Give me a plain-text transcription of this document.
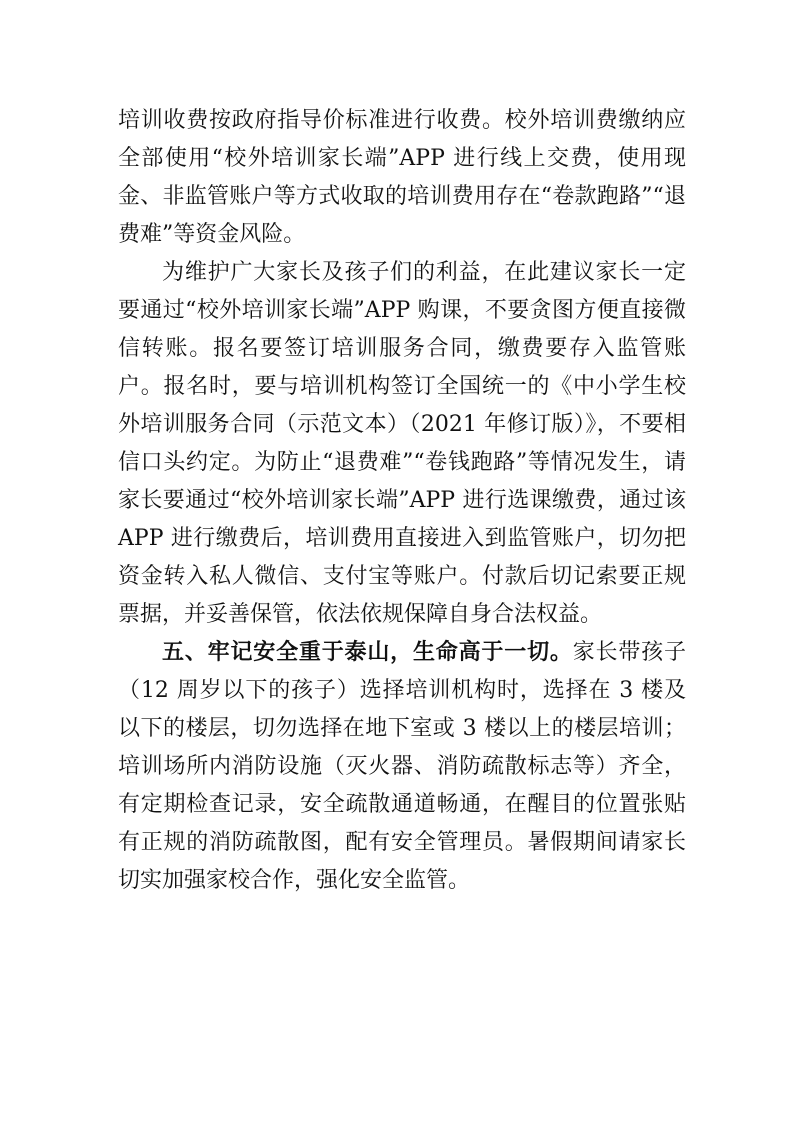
培训收费按政府指导价标准进行收费。校外培训费缴纳应全部使用“校外培训家长端”APP 进行线上交费，使用现金、非监管账户等方式收取的培训费用存在“卷款跑路”“退费难”等资金风险。

为维护广大家长及孩子们的利益，在此建议家长一定要通过“校外培训家长端”APP 购课，不要贪图方便直接微信转账。报名要签订培训服务合同，缴费要存入监管账户。报名时，要与培训机构签订全国统一的《中小学生校外培训服务合同（示范文本）（2021 年修订版）》，不要相信口头约定。为防止“退费难”“卷钱跑路”等情况发生，请家长要通过“校外培训家长端”APP 进行选课缴费，通过该 APP 进行缴费后，培训费用直接进入到监管账户，切勿把资金转入私人微信、支付宝等账户。付款后切记索要正规票据，并妥善保管，依法依规保障自身合法权益。

五、牢记安全重于泰山，生命高于一切。家长带孩子（12 周岁以下的孩子）选择培训机构时，选择在 3 楼及以下的楼层，切勿选择在地下室或 3 楼以上的楼层培训；培训场所内消防设施（灭火器、消防疏散标志等）齐全，有定期检查记录，安全疏散通道畅通，在醒目的位置张贴有正规的消防疏散图，配有安全管理员。暑假期间请家长切实加强家校合作，强化安全监管。
